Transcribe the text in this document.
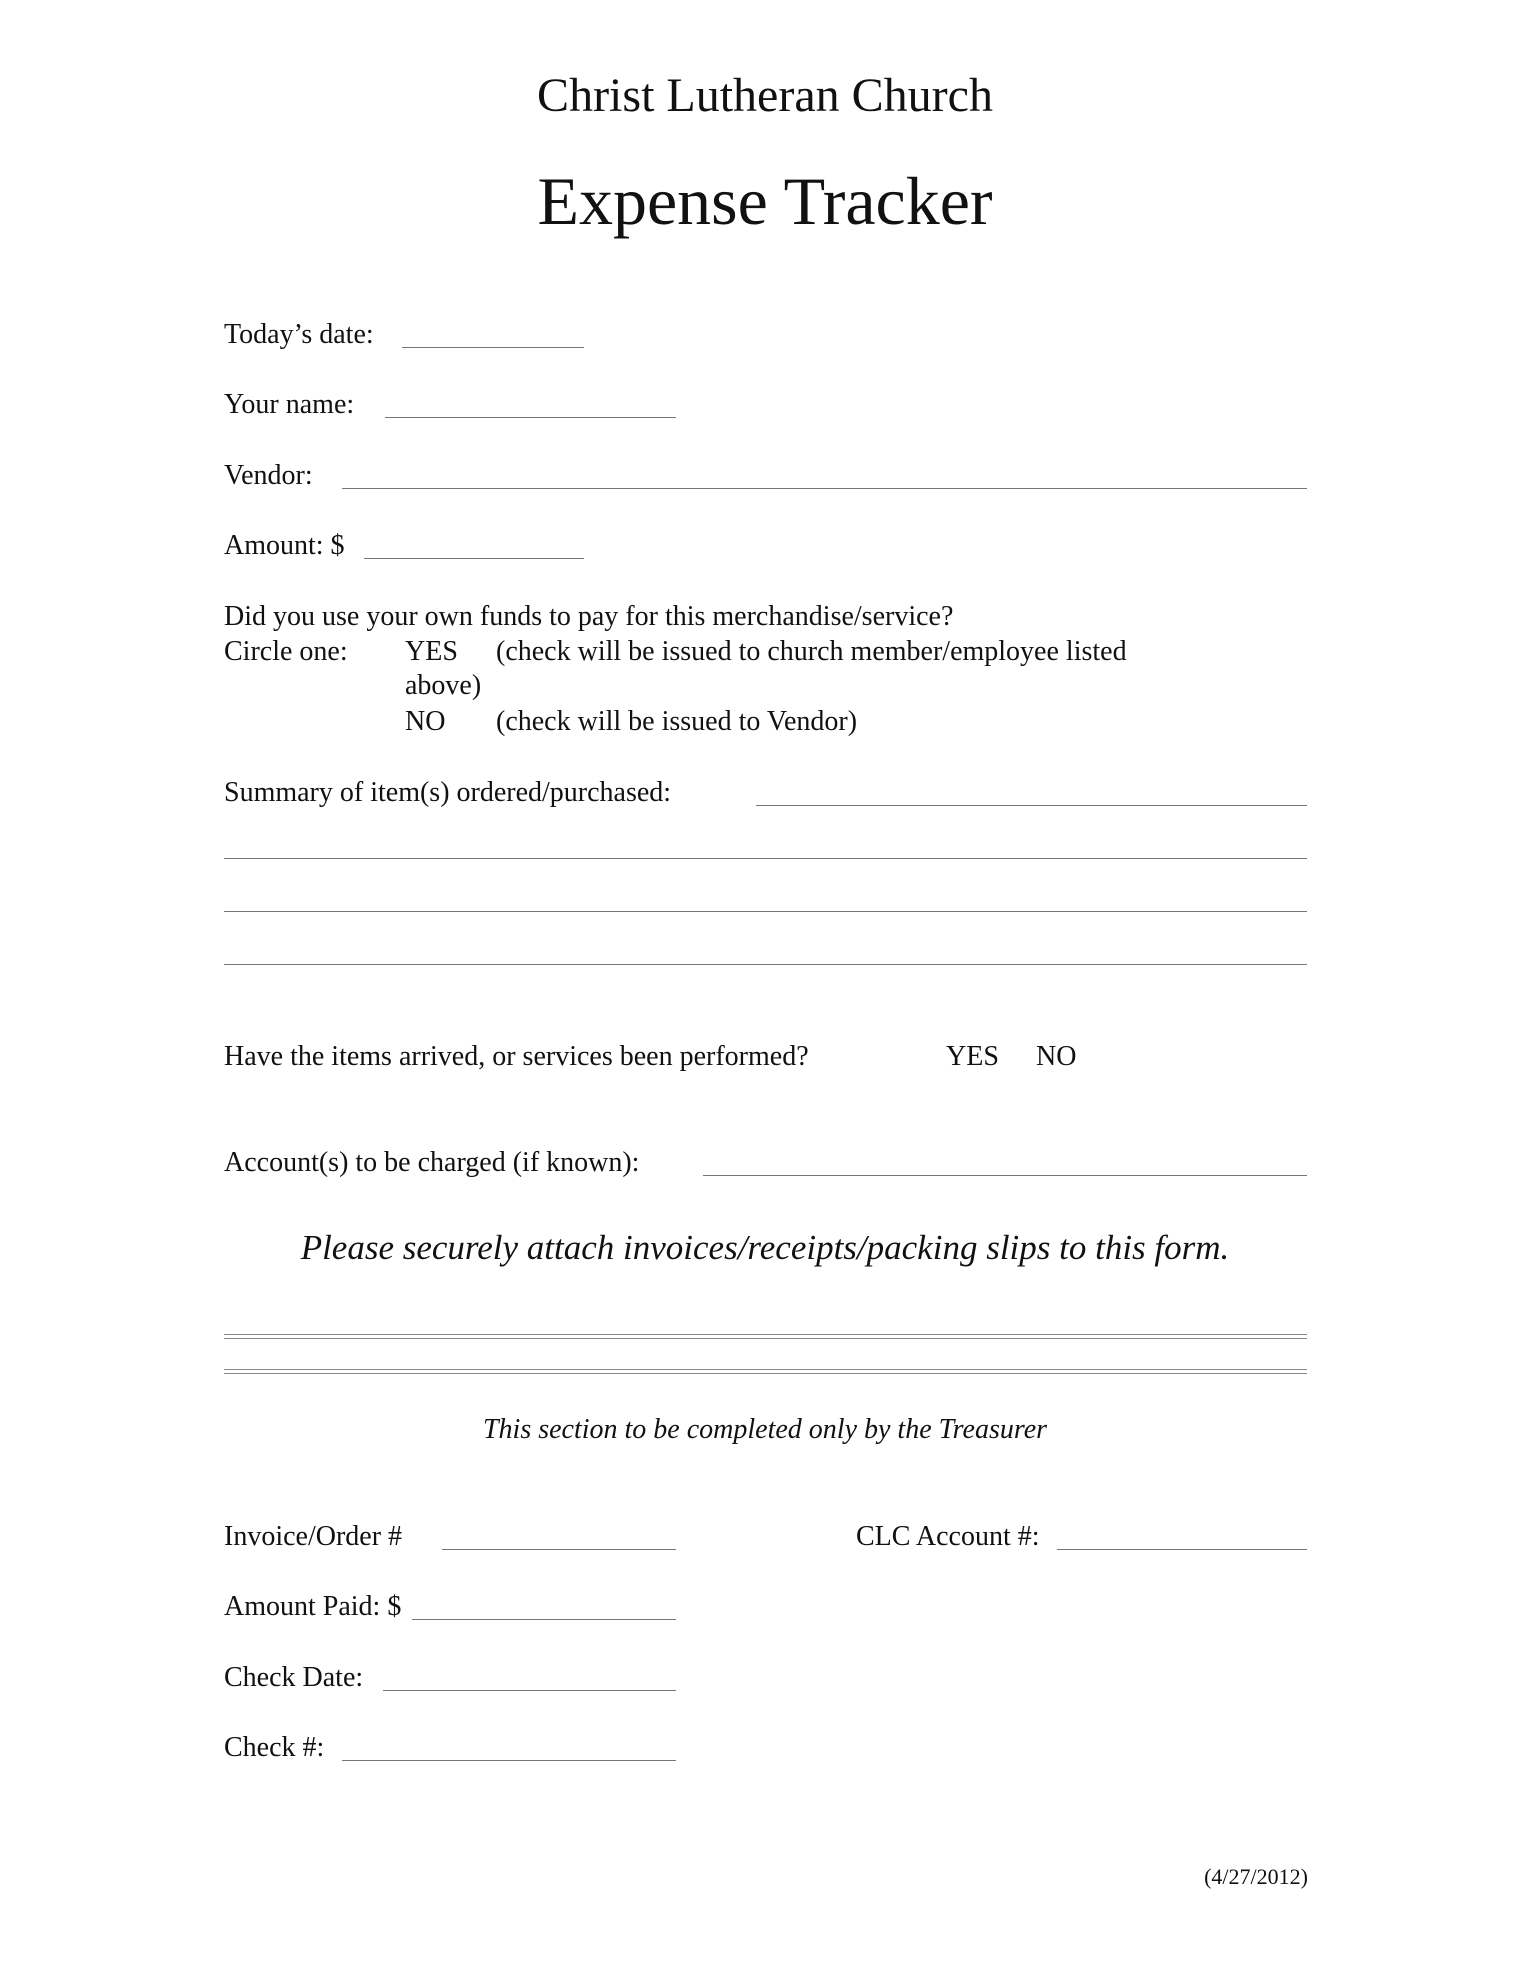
Christ Lutheran Church
Expense Tracker
Today’s date:
Your name:
Vendor:
Amount: $
Did you use your own funds to pay for this merchandise/service?
Circle one: YES (check will be issued to church member/employee listed
above)
NO (check will be issued to Vendor)
Summary of item(s) ordered/purchased:
Have the items arrived, or services been performed?	YES NO
Account(s) to be charged (if known):
Please securely attach invoices/receipts/packing slips to this form.
This section to be completed only by the Treasurer
Invoice/Order #	CLC Account #:
Amount Paid: $
Check Date:
Check #:
(4/27/2012)
